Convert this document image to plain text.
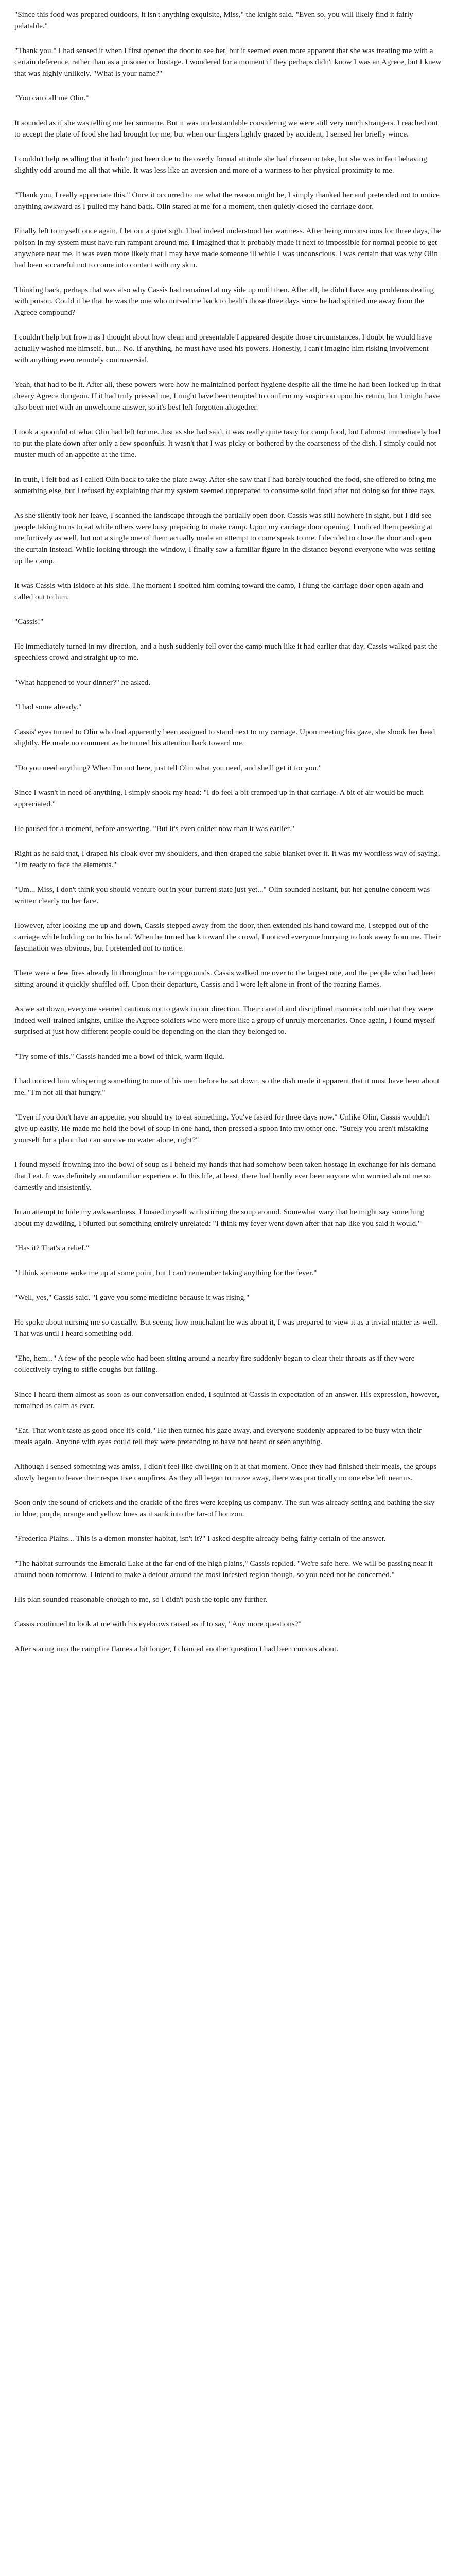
"Since this food was prepared outdoors, it isn't anything exquisite, Miss," the knight said. "Even so, you will likely find it fairly palatable."

"Thank you." I had sensed it when I first opened the door to see her, but it seemed even more apparent that she was treating me with a certain deference, rather than as a prisoner or hostage. I wondered for a moment if they perhaps didn't know I was an Agrece, but I knew that was highly unlikely. "What is your name?"

"You can call me Olin."

It sounded as if she was telling me her surname. But it was understandable considering we were still very much strangers. I reached out to accept the plate of food she had brought for me, but when our fingers lightly grazed by accident, I sensed her briefly wince.

I couldn't help recalling that it hadn't just been due to the overly formal attitude she had chosen to take, but she was in fact behaving slightly odd around me all that while. It was less like an aversion and more of a wariness to her physical proximity to me.

"Thank you, I really appreciate this." Once it occurred to me what the reason might be, I simply thanked her and pretended not to notice anything awkward as I pulled my hand back. Olin stared at me for a moment, then quietly closed the carriage door.

Finally left to myself once again, I let out a quiet sigh. I had indeed understood her wariness. After being unconscious for three days, the poison in my system must have run rampant around me. I imagined that it probably made it next to impossible for normal people to get anywhere near me. It was even more likely that I may have made someone ill while I was unconscious. I was certain that was why Olin had been so careful not to come into contact with my skin.

Thinking back, perhaps that was also why Cassis had remained at my side up until then. After all, he didn't have any problems dealing with poison. Could it be that he was the one who nursed me back to health those three days since he had spirited me away from the Agrece compound?

I couldn't help but frown as I thought about how clean and presentable I appeared despite those circumstances. I doubt he would have actually washed me himself, but... No. If anything, he must have used his powers. Honestly, I can't imagine him risking involvement with anything even remotely controversial.

Yeah, that had to be it. After all, these powers were how he maintained perfect hygiene despite all the time he had been locked up in that dreary Agrece dungeon. If it had truly pressed me, I might have been tempted to confirm my suspicion upon his return, but I might have also been met with an unwelcome answer, so it's best left forgotten altogether.

I took a spoonful of what Olin had left for me. Just as she had said, it was really quite tasty for camp food, but I almost immediately had to put the plate down after only a few spoonfuls. It wasn't that I was picky or bothered by the coarseness of the dish. I simply could not muster much of an appetite at the time.

In truth, I felt bad as I called Olin back to take the plate away. After she saw that I had barely touched the food, she offered to bring me something else, but I refused by explaining that my system seemed unprepared to consume solid food after not doing so for three days.

As she silently took her leave, I scanned the landscape through the partially open door. Cassis was still nowhere in sight, but I did see people taking turns to eat while others were busy preparing to make camp. Upon my carriage door opening, I noticed them peeking at me furtively as well, but not a single one of them actually made an attempt to come speak to me. I decided to close the door and open the curtain instead. While looking through the window, I finally saw a familiar figure in the distance beyond everyone who was setting up the camp.

It was Cassis with Isidore at his side. The moment I spotted him coming toward the camp, I flung the carriage door open again and called out to him.

"Cassis!"

He immediately turned in my direction, and a hush suddenly fell over the camp much like it had earlier that day. Cassis walked past the speechless crowd and straight up to me.

"What happened to your dinner?" he asked.

"I had some already."

Cassis' eyes turned to Olin who had apparently been assigned to stand next to my carriage. Upon meeting his gaze, she shook her head slightly. He made no comment as he turned his attention back toward me.

"Do you need anything? When I'm not here, just tell Olin what you need, and she'll get it for you."

Since I wasn't in need of anything, I simply shook my head: "I do feel a bit cramped up in that carriage. A bit of air would be much appreciated."

He paused for a moment, before answering. "But it's even colder now than it was earlier."

Right as he said that, I draped his cloak over my shoulders, and then draped the sable blanket over it. It was my wordless way of saying, "I'm ready to face the elements."

"Um... Miss, I don't think you should venture out in your current state just yet..." Olin sounded hesitant, but her genuine concern was written clearly on her face.

However, after looking me up and down, Cassis stepped away from the door, then extended his hand toward me. I stepped out of the carriage while holding on to his hand. When he turned back toward the crowd, I noticed everyone hurrying to look away from me. Their fascination was obvious, but I pretended not to notice.

There were a few fires already lit throughout the campgrounds. Cassis walked me over to the largest one, and the people who had been sitting around it quickly shuffled off. Upon their departure, Cassis and I were left alone in front of the roaring flames.

As we sat down, everyone seemed cautious not to gawk in our direction. Their careful and disciplined manners told me that they were indeed well-trained knights, unlike the Agrece soldiers who were more like a group of unruly mercenaries. Once again, I found myself surprised at just how different people could be depending on the clan they belonged to.

"Try some of this." Cassis handed me a bowl of thick, warm liquid.

I had noticed him whispering something to one of his men before he sat down, so the dish made it apparent that it must have been about me. "I'm not all that hungry."

"Even if you don't have an appetite, you should try to eat something. You've fasted for three days now." Unlike Olin, Cassis wouldn't give up easily. He made me hold the bowl of soup in one hand, then pressed a spoon into my other one. "Surely you aren't mistaking yourself for a plant that can survive on water alone, right?"

I found myself frowning into the bowl of soup as I beheld my hands that had somehow been taken hostage in exchange for his demand that I eat. It was definitely an unfamiliar experience. In this life, at least, there had hardly ever been anyone who worried about me so earnestly and insistently.

In an attempt to hide my awkwardness, I busied myself with stirring the soup around. Somewhat wary that he might say something about my dawdling, I blurted out something entirely unrelated: "I think my fever went down after that nap like you said it would."

"Has it? That's a relief."

"I think someone woke me up at some point, but I can't remember taking anything for the fever."

"Well, yes," Cassis said. "I gave you some medicine because it was rising."

He spoke about nursing me so casually. But seeing how nonchalant he was about it, I was prepared to view it as a trivial matter as well. That was until I heard something odd.

"Ehe, hem..." A few of the people who had been sitting around a nearby fire suddenly began to clear their throats as if they were collectively trying to stifle coughs but failing.

Since I heard them almost as soon as our conversation ended, I squinted at Cassis in expectation of an answer. His expression, however, remained as calm as ever.

"Eat. That won't taste as good once it's cold." He then turned his gaze away, and everyone suddenly appeared to be busy with their meals again. Anyone with eyes could tell they were pretending to have not heard or seen anything.

Although I sensed something was amiss, I didn't feel like dwelling on it at that moment. Once they had finished their meals, the groups slowly began to leave their respective campfires. As they all began to move away, there was practically no one else left near us.

Soon only the sound of crickets and the crackle of the fires were keeping us company. The sun was already setting and bathing the sky in blue, purple, orange and yellow hues as it sank into the far-off horizon.

"Frederica Plains... This is a demon monster habitat, isn't it?" I asked despite already being fairly certain of the answer.

"The habitat surrounds the Emerald Lake at the far end of the high plains," Cassis replied. "We're safe here. We will be passing near it around noon tomorrow. I intend to make a detour around the most infested region though, so you need not be concerned."

His plan sounded reasonable enough to me, so I didn't push the topic any further.

Cassis continued to look at me with his eyebrows raised as if to say, "Any more questions?"

After staring into the campfire flames a bit longer, I chanced another question I had been curious about.
